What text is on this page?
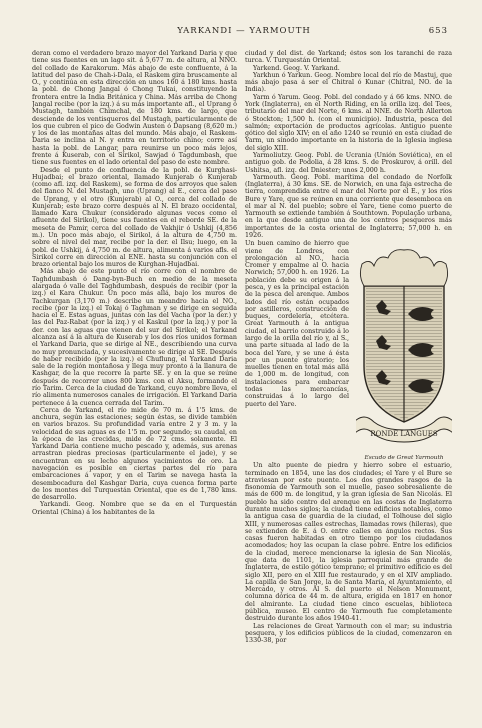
YARKANDI — YARMOUTH	653

deran como el verdadero brazo mayor del Yarkand Daria y que tiene sus fuentes en un lago sit. á 5,677 m. de altura, al NNO. del collado de Karakorum. Más abajo de este confluente, á la latitud del paso de Chah-i-Dala, el Raskem gira bruscamente al O., y continúa en esta dirección en unos 160 á 180 kms. hasta la pobl. de Chong Jangal ó Chong Tukai, constituyendo la frontera entre la India Británica y China. Más arriba de Chong Jangal recibe (por la izq.) á su más importante afl., el Uprang ó Mustagh, también Chimchal, de 180 kms. de largo, que desciende de los ventisqueros del Mustagh, particularmente de los que cubren el pico de Godwin Austen ó Dapsang (8,620 m.) y los de las montañas altas del mundo. Más abajo, el Raskem-Daria se inclina al N. y entra en territorio chino; corre así hasta la pobl. de Langar, para reunirse un poco más lejos, frente á Kuserab, con el Sirikol, Sawjad ó Tagdumbash, que tiene sus fuentes en el lado oriental del paso de este nombre.

Desde el punto de confluencia de la pobl. de Kurghasi-Hujadbai; el brazo oriental, llamado Kunjerab ó Kunjerab (como afl. izq. del Raskem), se forma de dos arroyos que salen del flanco N. del Mustagh, uno (Uprang) al E., cerca del paso de Uprang, y el otro (Kunjerab) al O., cerca del collado de Kunjerab; este brazo corre después al N. El brazo occidental, llamado Kara Chukur (considerado algunas veces como el afluente del Sirikol), tiene sus fuentes en el reborde SE. de la meseta de Pamir, cerca del collado de Vakhjir ó Ushkij (4,856 m.). Un poco más abajo, el Sirikol, á la altura de 4,750 m. sobre el nivel del mar, recibe por la der. el Ilsu; luego, en la pobl. de Ushkij, á 4,750 m. de altura, alimenta á varios afls. el Sirikol corre en dirección al ENE. hasta su conjunción con el brazo oriental bajo los muros de Kurghan-Hujadbai.

Más abajo de este punto el río corre con el nombre de Taghdumbash ó Dang-byn-Buch en medio de la meseta alargada ó valle del Taghdumbash, después de recibir (por la izq.) el Kara Chukur. Un poco más allá, bajo los muros de Tachkurgan (3,170 m.) describe un meandro hacia el NO., recibe (por la izq.) el Tokaj ó Taghman y se dirige en seguida hacia el E. Estas aguas, juntas con las del Vacha (por la der.) y las del Paz-Rabat (por la izq.) y el Kaskul (por la izq.) y por la der. con las aguas que vienen del sur del Sirikol; el Yarkand alcanza así á la altura de Kuserab y los dos ríos unidos forman el Yarkand Daria, que se dirige al NE., describiendo una curva no muy pronunciada, y sucesivamente se dirige al SE. Después de haber recibido (por la izq.) el Chuflung, el Yarkand Daria sale de la región montañosa y llega muy pronto á la llanura de Kashgar, de la que recorre la parte SE. y en la que se reúne después de recorrer unos 800 kms. con el Aksu, formando el río Tarim. Cerca de la ciudad de Yarkand, cuyo nombre lleva, el río alimenta numerosos canales de irrigación. El Yarkand Daria pertenece á la cuenca cerrada del Tarim.

Cerca de Yarkand, el río mide de 70 m. á 1'5 kms. de anchura, según las estaciones; según éstas, se divide también en varios brazos. Su profundidad varía entre 2 y 3 m. y la velocidad de sus aguas es de 1'5 m. por segundo; su caudal, en la época de las crecidas, mide de 72 cms. solamente. El Yarkand Daria contiene mucho pescado y, además, sus arenas arrastran piedras preciosas (particularmente el jade), y se encuentran en su lecho algunos yacimientos de oro. La navegación es posible en ciertas partes del río para embarcaciones á vapor, y en el Tarim se navega hasta la desembocadura del Kashgar Daria, cuya cuenca forma parte de los montes del Turquestán Oriental, que es de 1,780 kms. de desarrollo.

Yarkandi. Geog. Nombre que se da en el Turquestán Oriental (China) á los habitantes de la

ciudad y del dist. de Yarkand; éstos son los taranchi de raza turca. V. Turquestán Oriental.

Yarkend. Geog. V. Yarkand.

Yarkhun ó Yarkun. Geog. Nombre local del río de Mastuj, que más abajo pasa á ser el Chitral ó Kunar (Chitral, NO. de la India).

Yarm ó Yarum. Geog. Pobl. del condado y á 66 kms. NNO. de York (Inglaterra), en el North Riding, en la orilla izq. del Tees, tributario del mar del Norte, 6 kms. al NNE. de North Allerton ó Stockton; 1,500 h. (con el municipio). Industria, pesca del salmón; exportación de productos agrícolas. Antiguo puente gótico del siglo XIV; en el año 1240 se reunió en esta ciudad de Yarm, un sínodo importante en la historia de la Iglesia inglesa del siglo XIII.

Yarmoliutzy. Geog. Pobl. de Ucrania (Unión Soviética), en el antiguo gob. de Podolia, á 28 kms. S. de Proskurov, á orill. del Ushitsa, afl. izq. del Dniester; unos 2,000 h.

Yarmouth. Geog. Pobl. marítima del condado de Norfolk (Inglaterra), á 30 kms. SE. de Norwich, en una faja estrecha de tierra, comprendida entre el mar del Norte por el E., y los ríos Bure y Yare, que se reúnen en una corriente que desemboca en el mar al N. del pueblo; sobre el Yare, tiene como puerto de Yarmouth se extiende también á Southtown. População urbana, en la que desde antiguo una de los centros pesqueros más importantes de la costa oriental de Inglaterra; 57,000 h. en 1926.

Un buen camino de hierro que viene de Londres, con prolongación al NO., hacia Cromer y empalme al O. hacia Norwich; 57,000 h. en 1926. La población debe su origen á la pesca, y es la principal estación de la pesca del arenque. Ambos lados del río están ocupados por astilleros, construcción de buques, cordelería, etcétera. Great Yarmouth á la antigua ciudad, el barrio construido á lo largo de la orilla del río y, al S., una parte situada al lado de la boca del Yare, y se une á ésta por un puente giratorio; los muelles tienen en total más allá de 1,000 m. de longitud, con instalaciones para embarcar todas las mercancías, construidas á lo largo del puerto del Yare.

RONDE LANGUES
Escudo de Great Yarmouth

Un alto puente de piedra y hierro sobre el estuario, terminado en 1854, une las dos ciudades; el Yare y el Bure se atraviesan por este puente. Los dos grandes rasgos de la fisonomía de Yarmouth son el muelle, paseo sobresaliente de más de 600 m. de longitud, y la gran iglesia de San Nicolás. El pueblo ha sido centro del arenque en las costas de Inglaterra durante muchos siglos; la ciudad tiene edificios notables, como la antigua casa de guardia de la ciudad, el Tolhouse del siglo XIII, y numerosas calles estrechas, llamadas rows (hileras), que se extienden de E. á O. entre calles en ángulos rectos. Sus casas fueron habitadas en otro tiempo por los ciudadanos acomodados; hoy las ocupan la clase pobre. Entre los edificios de la ciudad, merece mencionarse la iglesia de San Nicolás, que data de 1101, la iglesia parroquial más grande de Inglaterra, de estilo gótico temprano; el primitivo edificio es del siglo XII, pero en el XIII fue restaurado, y en el XIV ampliado. La capilla de San Jorge, la de Santa María, el Ayuntamiento, el Mercado, y otros. Al S. del puerto el Nelson Monument, columna dórica de 44 m. de altura, erigida en 1817 en honor del almirante. La ciudad tiene cinco escuelas, biblioteca pública, museo. El centro de Yarmouth fue completamente destruido durante los años 1940-41.

Las relaciones de Great Yarmouth con el mar; su industria pesquera, y los edificios públicos de la ciudad, comenzaron en 1330-38, por
